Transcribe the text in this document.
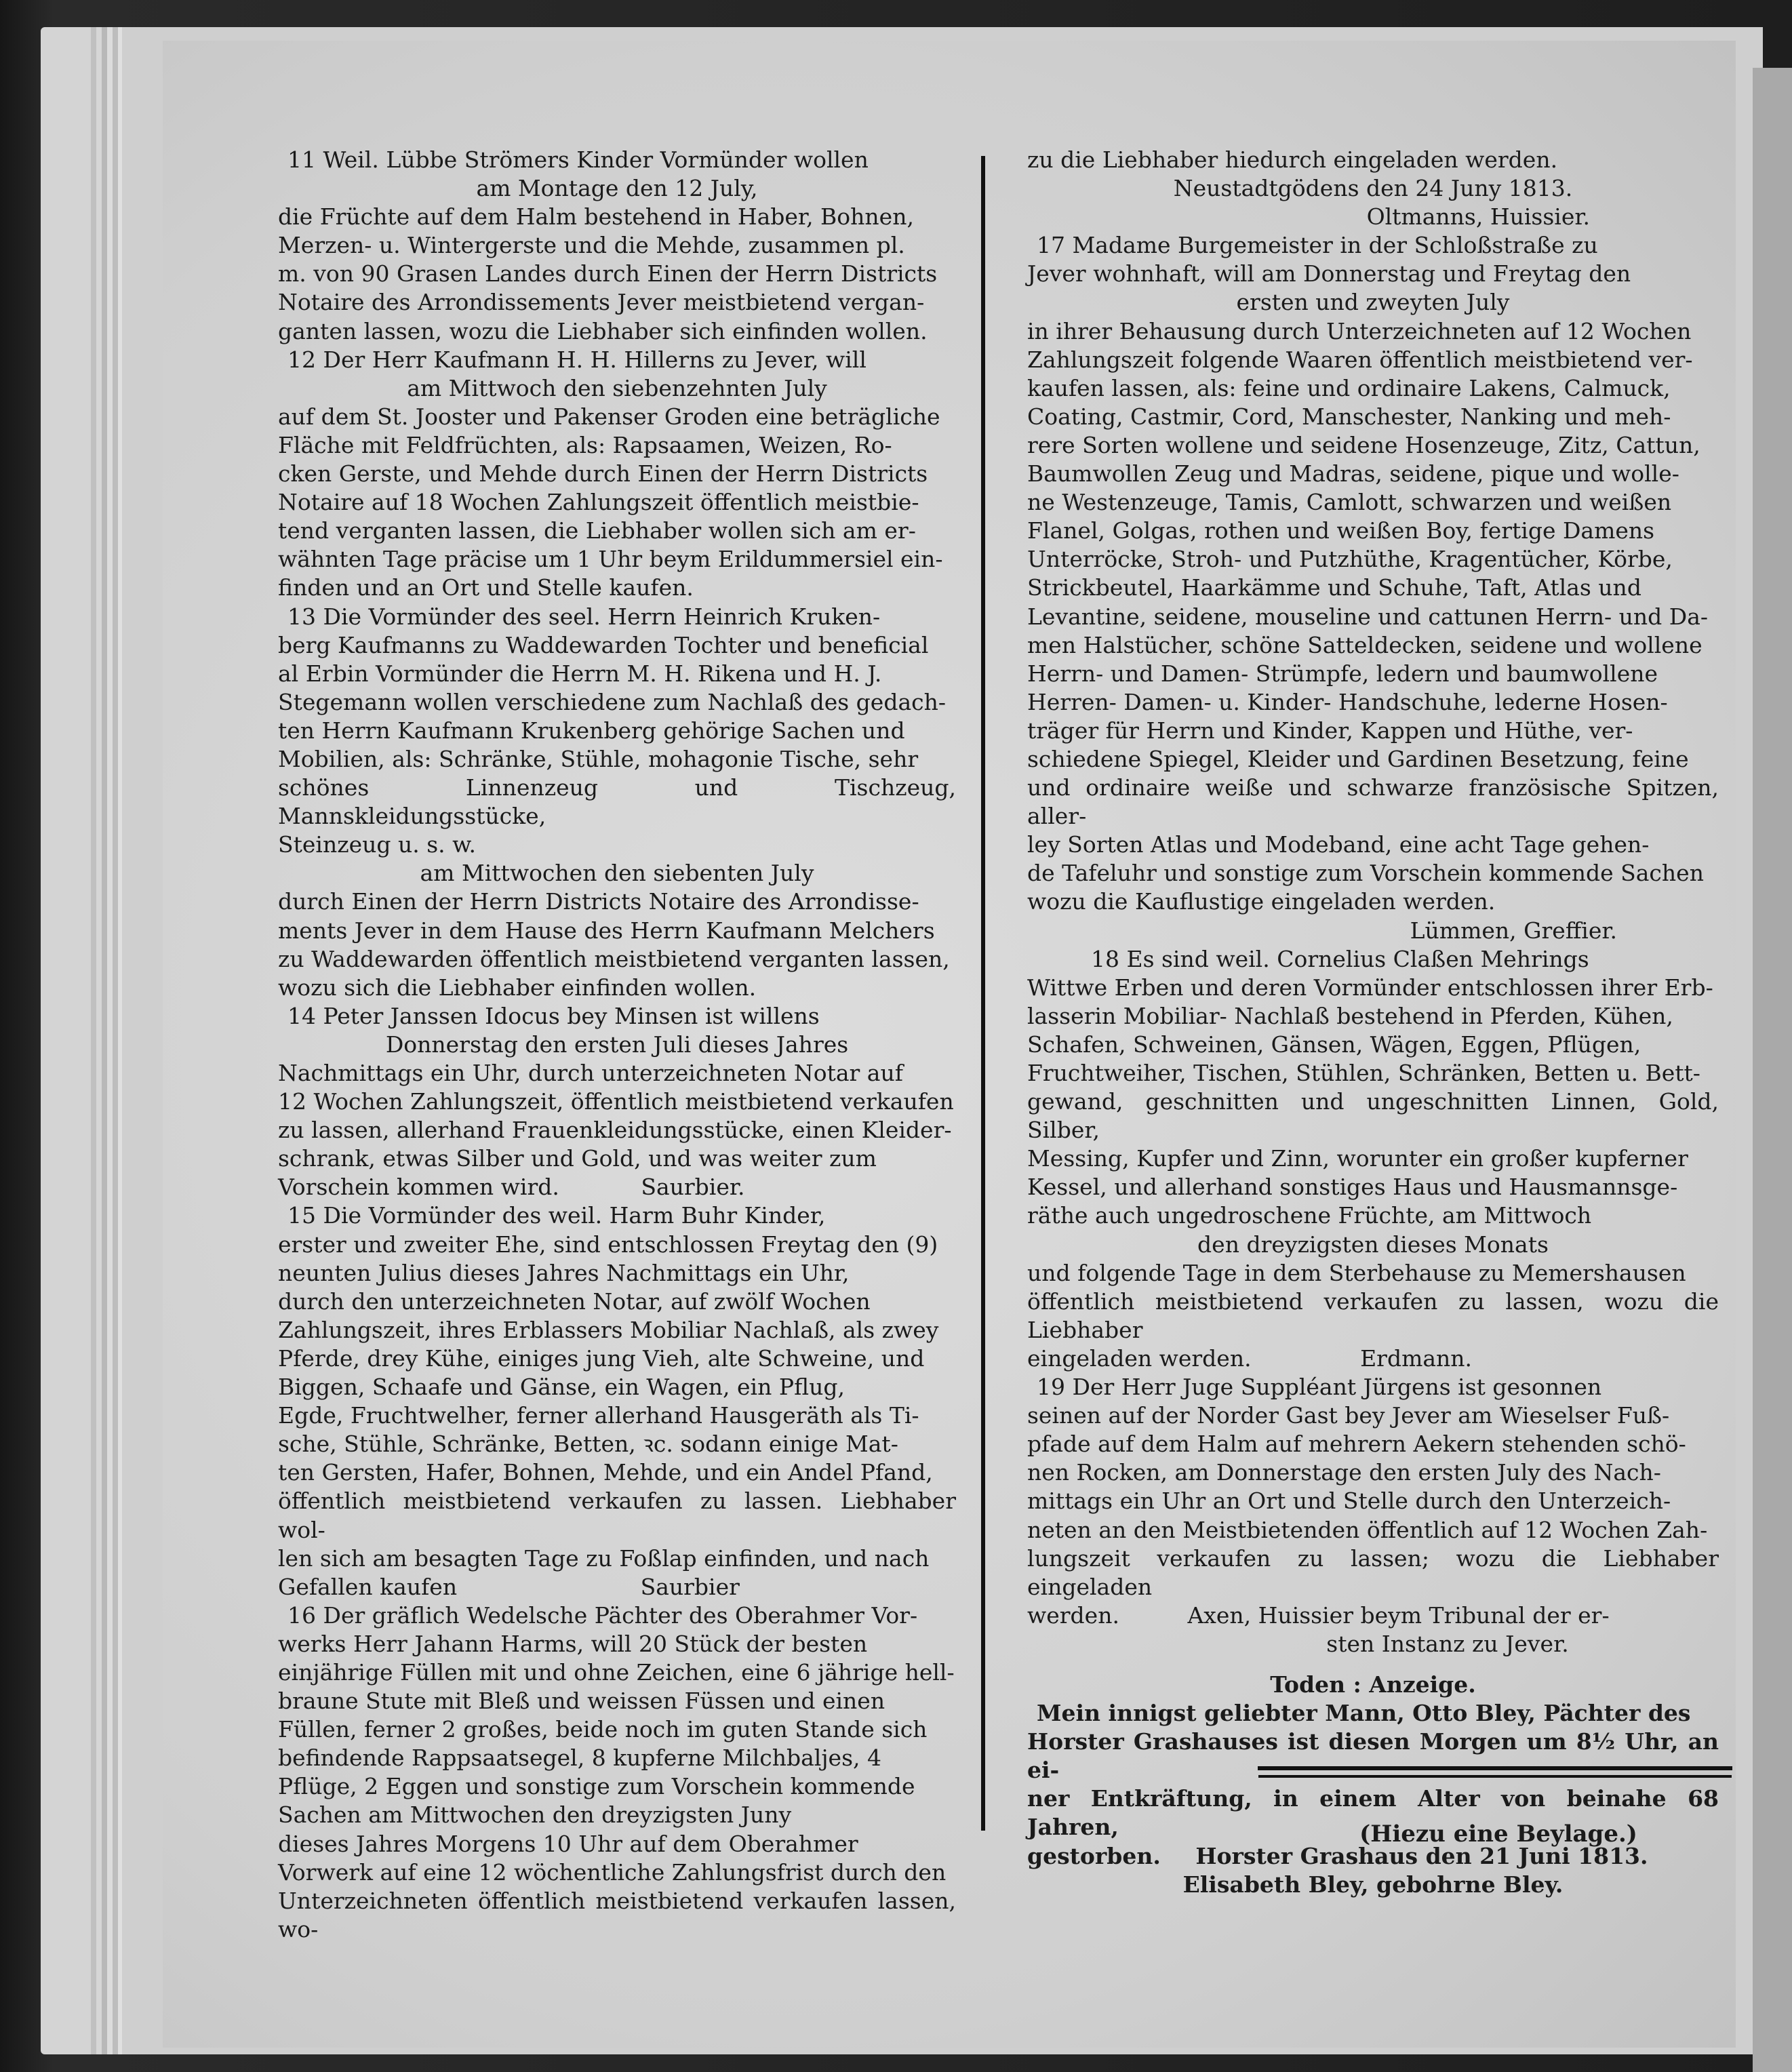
11 Weil. Lübbe Strömers Kinder Vormünder wollen

am Montage den 12 July,

die Früchte auf dem Halm bestehend in Haber, Bohnen,

Merzen- u. Wintergerste und die Mehde, zusammen pl.

m. von 90 Grasen Landes durch Einen der Herrn Districts

Notaire des Arrondissements Jever meistbietend vergan-

ganten lassen, wozu die Liebhaber sich einfinden wollen.

12 Der Herr Kaufmann H. H. Hillerns zu Jever, will

am Mittwoch den siebenzehnten July

auf dem St. Jooster und Pakenser Groden eine beträgliche

Fläche mit Feldfrüchten, als: Rapsaamen, Weizen, Ro-

cken Gerste, und Mehde durch Einen der Herrn Districts

Notaire auf 18 Wochen Zahlungszeit öffentlich meistbie-

tend verganten lassen, die Liebhaber wollen sich am er-

wähnten Tage präcise um 1 Uhr beym Erildummersiel ein-

finden und an Ort und Stelle kaufen.

13 Die Vormünder des seel. Herrn Heinrich Kruken-

berg Kaufmanns zu Waddewarden Tochter und beneficial

al Erbin Vormünder die Herrn M. H. Rikena und H. J.

Stegemann wollen verschiedene zum Nachlaß des gedach-

ten Herrn Kaufmann Krukenberg gehörige Sachen und

Mobilien, als: Schränke, Stühle, mohagonie Tische, sehr

schönes Linnenzeug und Tischzeug, Mannskleidungsstücke,

Steinzeug u. s. w.

am Mittwochen den siebenten July

durch Einen der Herrn Districts Notaire des Arrondisse-

ments Jever in dem Hause des Herrn Kaufmann Melchers

zu Waddewarden öffentlich meistbietend verganten lassen,

wozu sich die Liebhaber einfinden wollen.

14 Peter Janssen Idocus bey Minsen ist willens

Donnerstag den ersten Juli dieses Jahres

Nachmittags ein Uhr, durch unterzeichneten Notar auf

12 Wochen Zahlungszeit, öffentlich meistbietend verkaufen

zu lassen, allerhand Frauenkleidungsstücke, einen Kleider-

schrank, etwas Silber und Gold, und was weiter zum

Vorschein kommen wird.	Saurbier.

15 Die Vormünder des weil. Harm Buhr Kinder,

erster und zweiter Ehe, sind entschlossen Freytag den (9)

neunten Julius dieses Jahres Nachmittags ein Uhr,

durch den unterzeichneten Notar, auf zwölf Wochen

Zahlungszeit, ihres Erblassers Mobiliar Nachlaß, als zwey

Pferde, drey Kühe, einiges jung Vieh, alte Schweine, und

Biggen, Schaafe und Gänse, ein Wagen, ein Pflug,

Egde, Fruchtwelher, ferner allerhand Hausgeräth als Ti-

sche, Stühle, Schränke, Betten, ꝛc. sodann einige Mat-

ten Gersten, Hafer, Bohnen, Mehde, und ein Andel Pfand,

öffentlich meistbietend verkaufen zu lassen. Liebhaber wol-

len sich am besagten Tage zu Foßlap einfinden, und nach

Gefallen kaufen	Saurbier

16 Der gräflich Wedelsche Pächter des Oberahmer Vor-

werks Herr Jahann Harms, will 20 Stück der besten

einjährige Füllen mit und ohne Zeichen, eine 6 jährige hell-

braune Stute mit Bleß und weissen Füssen und einen

Füllen, ferner 2 großes, beide noch im guten Stande sich

befindende Rappsaatsegel, 8 kupferne Milchbaljes, 4

Pflüge, 2 Eggen und sonstige zum Vorschein kommende

Sachen am Mittwochen den dreyzigsten Juny

dieses Jahres Morgens 10 Uhr auf dem Oberahmer

Vorwerk auf eine 12 wöchentliche Zahlungsfrist durch den

Unterzeichneten öffentlich meistbietend verkaufen lassen, wo-

zu die Liebhaber hiedurch eingeladen werden.

Neustadtgödens den 24 Juny 1813.

Oltmanns, Huissier.

17 Madame Burgemeister in der Schloßstraße zu

Jever wohnhaft, will am Donnerstag und Freytag den

ersten und zweyten July

in ihrer Behausung durch Unterzeichneten auf 12 Wochen

Zahlungszeit folgende Waaren öffentlich meistbietend ver-

kaufen lassen, als: feine und ordinaire Lakens, Calmuck,

Coating, Castmir, Cord, Manschester, Nanking und meh-

rere Sorten wollene und seidene Hosenzeuge, Zitz, Cattun,

Baumwollen Zeug und Madras, seidene, pique und wolle-

ne Westenzeuge, Tamis, Camlott, schwarzen und weißen

Flanel, Golgas, rothen und weißen Boy, fertige Damens

Unterröcke, Stroh- und Putzhüthe, Kragentücher, Körbe,

Strickbeutel, Haarkämme und Schuhe, Taft, Atlas und

Levantine, seidene, mouseline und cattunen Herrn- und Da-

men Halstücher, schöne Satteldecken, seidene und wollene

Herrn- und Damen- Strümpfe, ledern und baumwollene

Herren- Damen- u. Kinder- Handschuhe, lederne Hosen-

träger für Herrn und Kinder, Kappen und Hüthe, ver-

schiedene Spiegel, Kleider und Gardinen Besetzung, feine

und ordinaire weiße und schwarze französische Spitzen, aller-

ley Sorten Atlas und Modeband, eine acht Tage gehen-

de Tafeluhr und sonstige zum Vorschein kommende Sachen

wozu die Kauflustige eingeladen werden.

Lümmen, Greffier.

18 Es sind weil. Cornelius Claßen Mehrings

Wittwe Erben und deren Vormünder entschlossen ihrer Erb-

lasserin Mobiliar- Nachlaß bestehend in Pferden, Kühen,

Schafen, Schweinen, Gänsen, Wägen, Eggen, Pflügen,

Fruchtweiher, Tischen, Stühlen, Schränken, Betten u. Bett-

gewand, geschnitten und ungeschnitten Linnen, Gold, Silber,

Messing, Kupfer und Zinn, worunter ein großer kupferner

Kessel, und allerhand sonstiges Haus und Hausmannsge-

räthe auch ungedroschene Früchte, am Mittwoch

den dreyzigsten dieses Monats

und folgende Tage in dem Sterbehause zu Memershausen

öffentlich meistbietend verkaufen zu lassen, wozu die Liebhaber

eingeladen werden.	Erdmann.

19 Der Herr Juge Suppléant Jürgens ist gesonnen

seinen auf der Norder Gast bey Jever am Wieselser Fuß-

pfade auf dem Halm auf mehrern Aekern stehenden schö-

nen Rocken, am Donnerstage den ersten July des Nach-

mittags ein Uhr an Ort und Stelle durch den Unterzeich-

neten an den Meistbietenden öffentlich auf 12 Wochen Zah-

lungszeit verkaufen zu lassen; wozu die Liebhaber eingeladen

werden.	Axen, Huissier beym Tribunal der er-

sten Instanz zu Jever.

Toden : Anzeige.

Mein innigst geliebter Mann, Otto Bley, Pächter des

Horster Grashauses ist diesen Morgen um 8½ Uhr, an ei-

ner Entkräftung, in einem Alter von beinahe 68 Jahren,

gestorben. Horster Grashaus den 21 Juni 1813.

Elisabeth Bley, gebohrne Bley.

(Hiezu eine Beylage.)
